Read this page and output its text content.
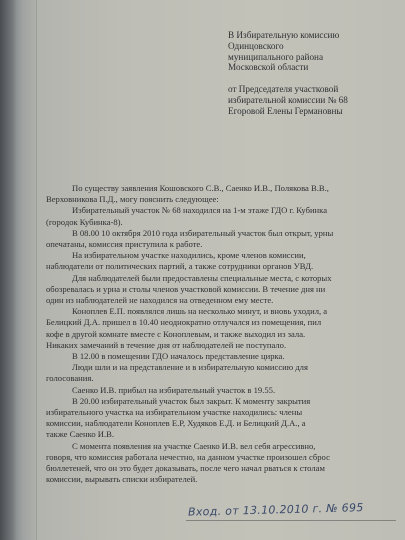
В Избирательную комиссию
Одинцовского
муниципального района
Московской области
от Председателя участковой
избирательной комиссии № 68
Егоровой Елены Германовны

По существу заявления Кошовского С.В., Саенко И.В., Полякова В.В.,

Верховникова П.Д., могу пояснить следующее:

Избирательный участок № 68 находился на 1-м этаже ГДО г. Кубинка

(городок Кубинка-8).

В 08.00 10 октября 2010 года избирательный участок был открыт, урны

опечатаны, комиссия приступила к работе.

На избирательном участке находились, кроме членов комиссии,

наблюдатели от политических партий, а также сотрудники органов УВД.

Для наблюдателей были предоставлены специальные места, с которых

обозревалась и урна и столы членов участковой комиссии. В течение дня ни

один из наблюдателей не находился на отведенном ему месте.

Коноплев Е.П. появлялся лишь на несколько минут, и вновь уходил, а

Белицкий Д.А. пришел в 10.40 неоднократно отлучался из помещения, пил

кофе в другой комнате вместе с Коноплевым, и также выходил из зала.

Никаких замечаний в течение дня от наблюдателей не поступало.

В 12.00 в помещении ГДО началось представление цирка.

Люди шли и на представление и в избирательную комиссию для

голосования.

Саенко И.В. прибыл на избирательный участок в 19.55.

В 20.00 избирательный участок был закрыт. К моменту закрытия

избирательного участка на избирательном участке находились: члены

комиссии, наблюдатели Коноплев Е.Р, Худяков Е.Д. и Белицкий Д.А., а

также Саенко И.В.

С момента появления на участке Саенко И.В. вел себя агрессивно,

говоря, что комиссия работала нечестно, на данном участке произошел сброс

бюллетеней, что он это будет доказывать, после чего начал рваться к столам

комиссии, вырывать списки избирателей.

Вход. от 13.10.2010 г. № 695
